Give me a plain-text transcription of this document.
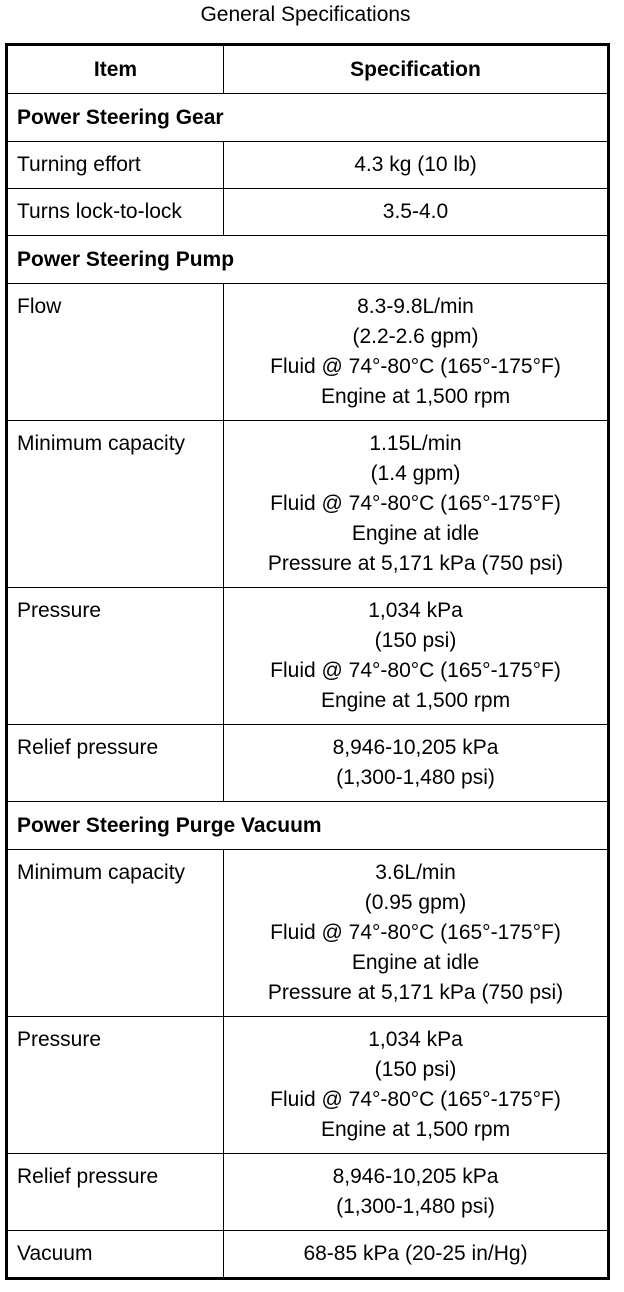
General Specifications
Item	Specification
Power Steering Gear	
Turning effort	4.3 kg (10 lb)

Turns lock-to-lock	3.5-4.0

Power Steering Pump	
Flow	8.3-9.8L/min
(2.2-2.6 gpm)
Fluid @ 74°-80°C (165°-175°F)
Engine at 1,500 rpm

Minimum capacity	1.15L/min
(1.4 gpm)
Fluid @ 74°-80°C (165°-175°F)
Engine at idle
Pressure at 5,171 kPa (750 psi)

Pressure	1,034 kPa
(150 psi)
Fluid @ 74°-80°C (165°-175°F)
Engine at 1,500 rpm

Relief pressure	8,946-10,205 kPa
(1,300-1,480 psi)

Power Steering Purge Vacuum	
Minimum capacity	3.6L/min
(0.95 gpm)
Fluid @ 74°-80°C (165°-175°F)
Engine at idle
Pressure at 5,171 kPa (750 psi)

Pressure	1,034 kPa
(150 psi)
Fluid @ 74°-80°C (165°-175°F)
Engine at 1,500 rpm

Relief pressure	8,946-10,205 kPa
(1,300-1,480 psi)

Vacuum	68-85 kPa (20-25 in/Hg)
